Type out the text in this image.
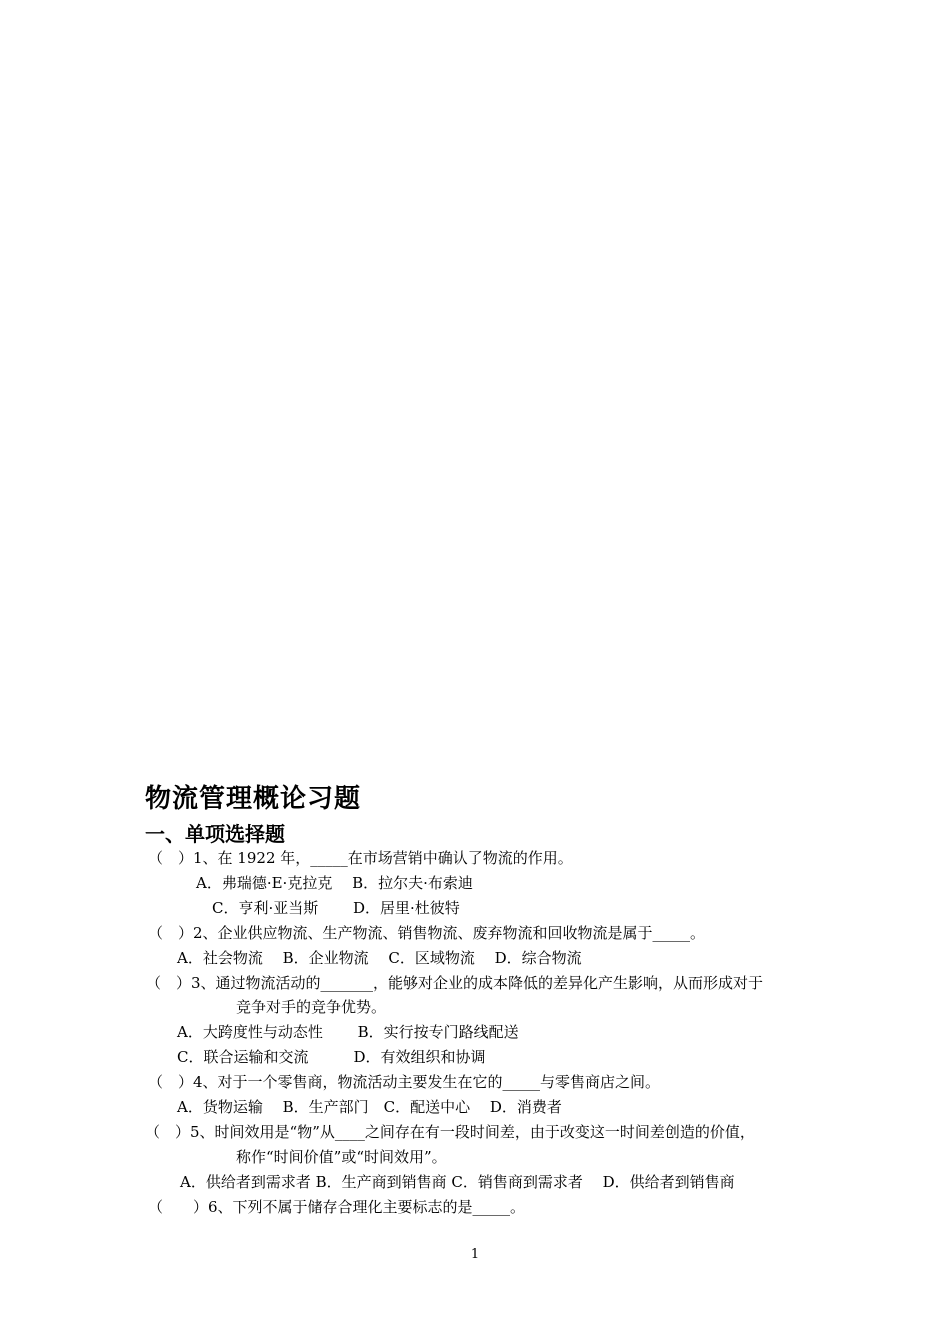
物流管理概论习题
一、单项选择题
（　）1、在 1922 年，_____在市场营销中确认了物流的作用。
A．弗瑞德·E·克拉克　 B．拉尔夫·布索迪
C．亨利·亚当斯　　 D．居里·杜彼特
（　）2、企业供应物流、生产物流、销售物流、废弃物流和回收物流是属于_____。
A．社会物流　 B．企业物流　 C．区域物流　 D．综合物流
（　）3、通过物流活动的_______，能够对企业的成本降低的差异化产生影响，从而形成对于
竞争对手的竞争优势。
A．大跨度性与动态性　　 B．实行按专门路线配送
C．联合运输和交流　　　D．有效组织和协调
（　）4、对于一个零售商，物流活动主要发生在它的_____与零售商店之间。
A．货物运输　 B．生产部门　C．配送中心　 D．消费者
（　）5、时间效用是“物”从____之间存在有一段时间差，由于改变这一时间差创造的价值，
称作“时间价值”或“时间效用”。
A．供给者到需求者 B．生产商到销售商 C．销售商到需求者　 D．供给者到销售商
（　　）6、下列不属于储存合理化主要标志的是_____。
1
